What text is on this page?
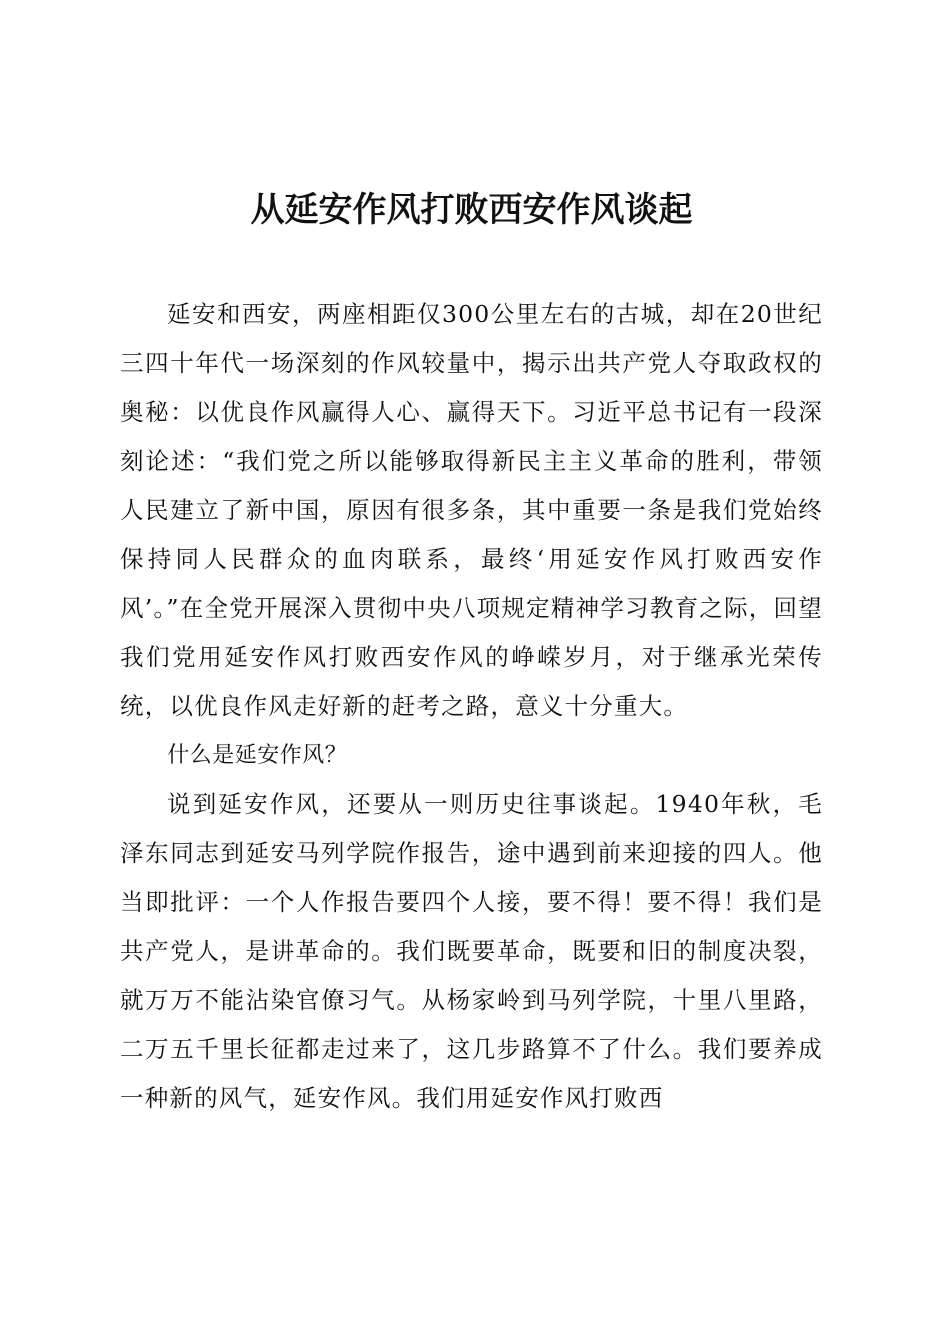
从延安作风打败西安作风谈起

延安和西安，两座相距仅300公里左右的古城，却在20世纪三四十年代一场深刻的作风较量中，揭示出共产党人夺取政权的奥秘：以优良作风赢得人心、赢得天下。习近平总书记有一段深刻论述：“我们党之所以能够取得新民主主义革命的胜利，带领人民建立了新中国，原因有很多条，其中重要一条是我们党始终保持同人民群众的血肉联系，最终‘用延安作风打败西安作风’。”在全党开展深入贯彻中央八项规定精神学习教育之际，回望我们党用延安作风打败西安作风的峥嵘岁月，对于继承光荣传统，以优良作风走好新的赶考之路，意义十分重大。

什么是延安作风？

说到延安作风，还要从一则历史往事谈起。1940年秋，毛泽东同志到延安马列学院作报告，途中遇到前来迎接的四人。他当即批评：一个人作报告要四个人接，要不得！要不得！我们是共产党人，是讲革命的。我们既要革命，既要和旧的制度决裂，就万万不能沾染官僚习气。从杨家岭到马列学院，十里八里路，二万五千里长征都走过来了，这几步路算不了什么。我们要养成一种新的风气，延安作风。我们用延安作风打败西
